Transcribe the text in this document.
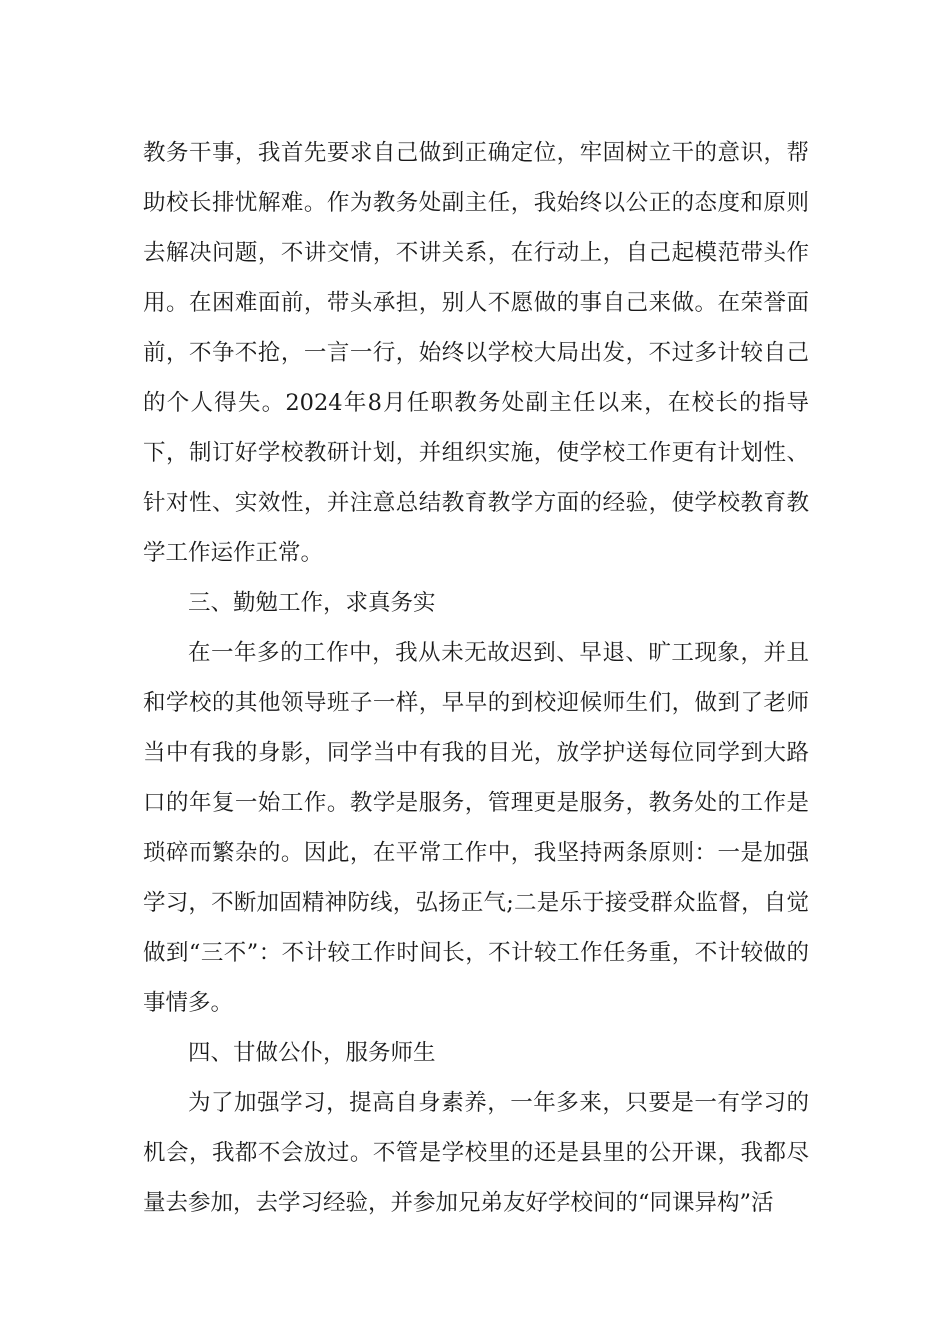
教务干事，我首先要求自己做到正确定位，牢固树立干的意识，帮助校长排忧解难。作为教务处副主任，我始终以公正的态度和原则去解决问题，不讲交情，不讲关系，在行动上，自己起模范带头作用。在困难面前，带头承担，别人不愿做的事自己来做。在荣誉面前，不争不抢，一言一行，始终以学校大局出发，不过多计较自己的个人得失。2024年8月任职教务处副主任以来，在校长的指导下，制订好学校教研计划，并组织实施，使学校工作更有计划性、针对性、实效性，并注意总结教育教学方面的经验，使学校教育教学工作运作正常。

三、勤勉工作，求真务实

在一年多的工作中，我从未无故迟到、早退、旷工现象，并且和学校的其他领导班子一样，早早的到校迎候师生们，做到了老师当中有我的身影，同学当中有我的目光，放学护送每位同学到大路口的年复一始工作。教学是服务，管理更是服务，教务处的工作是琐碎而繁杂的。因此，在平常工作中，我坚持两条原则：一是加强学习，不断加固精神防线，弘扬正气;二是乐于接受群众监督，自觉做到“三不”：不计较工作时间长，不计较工作任务重，不计较做的事情多。

四、甘做公仆，服务师生

为了加强学习，提高自身素养，一年多来，只要是一有学习的机会，我都不会放过。不管是学校里的还是县里的公开课，我都尽量去参加，去学习经验，并参加兄弟友好学校间的“同课异构”活
